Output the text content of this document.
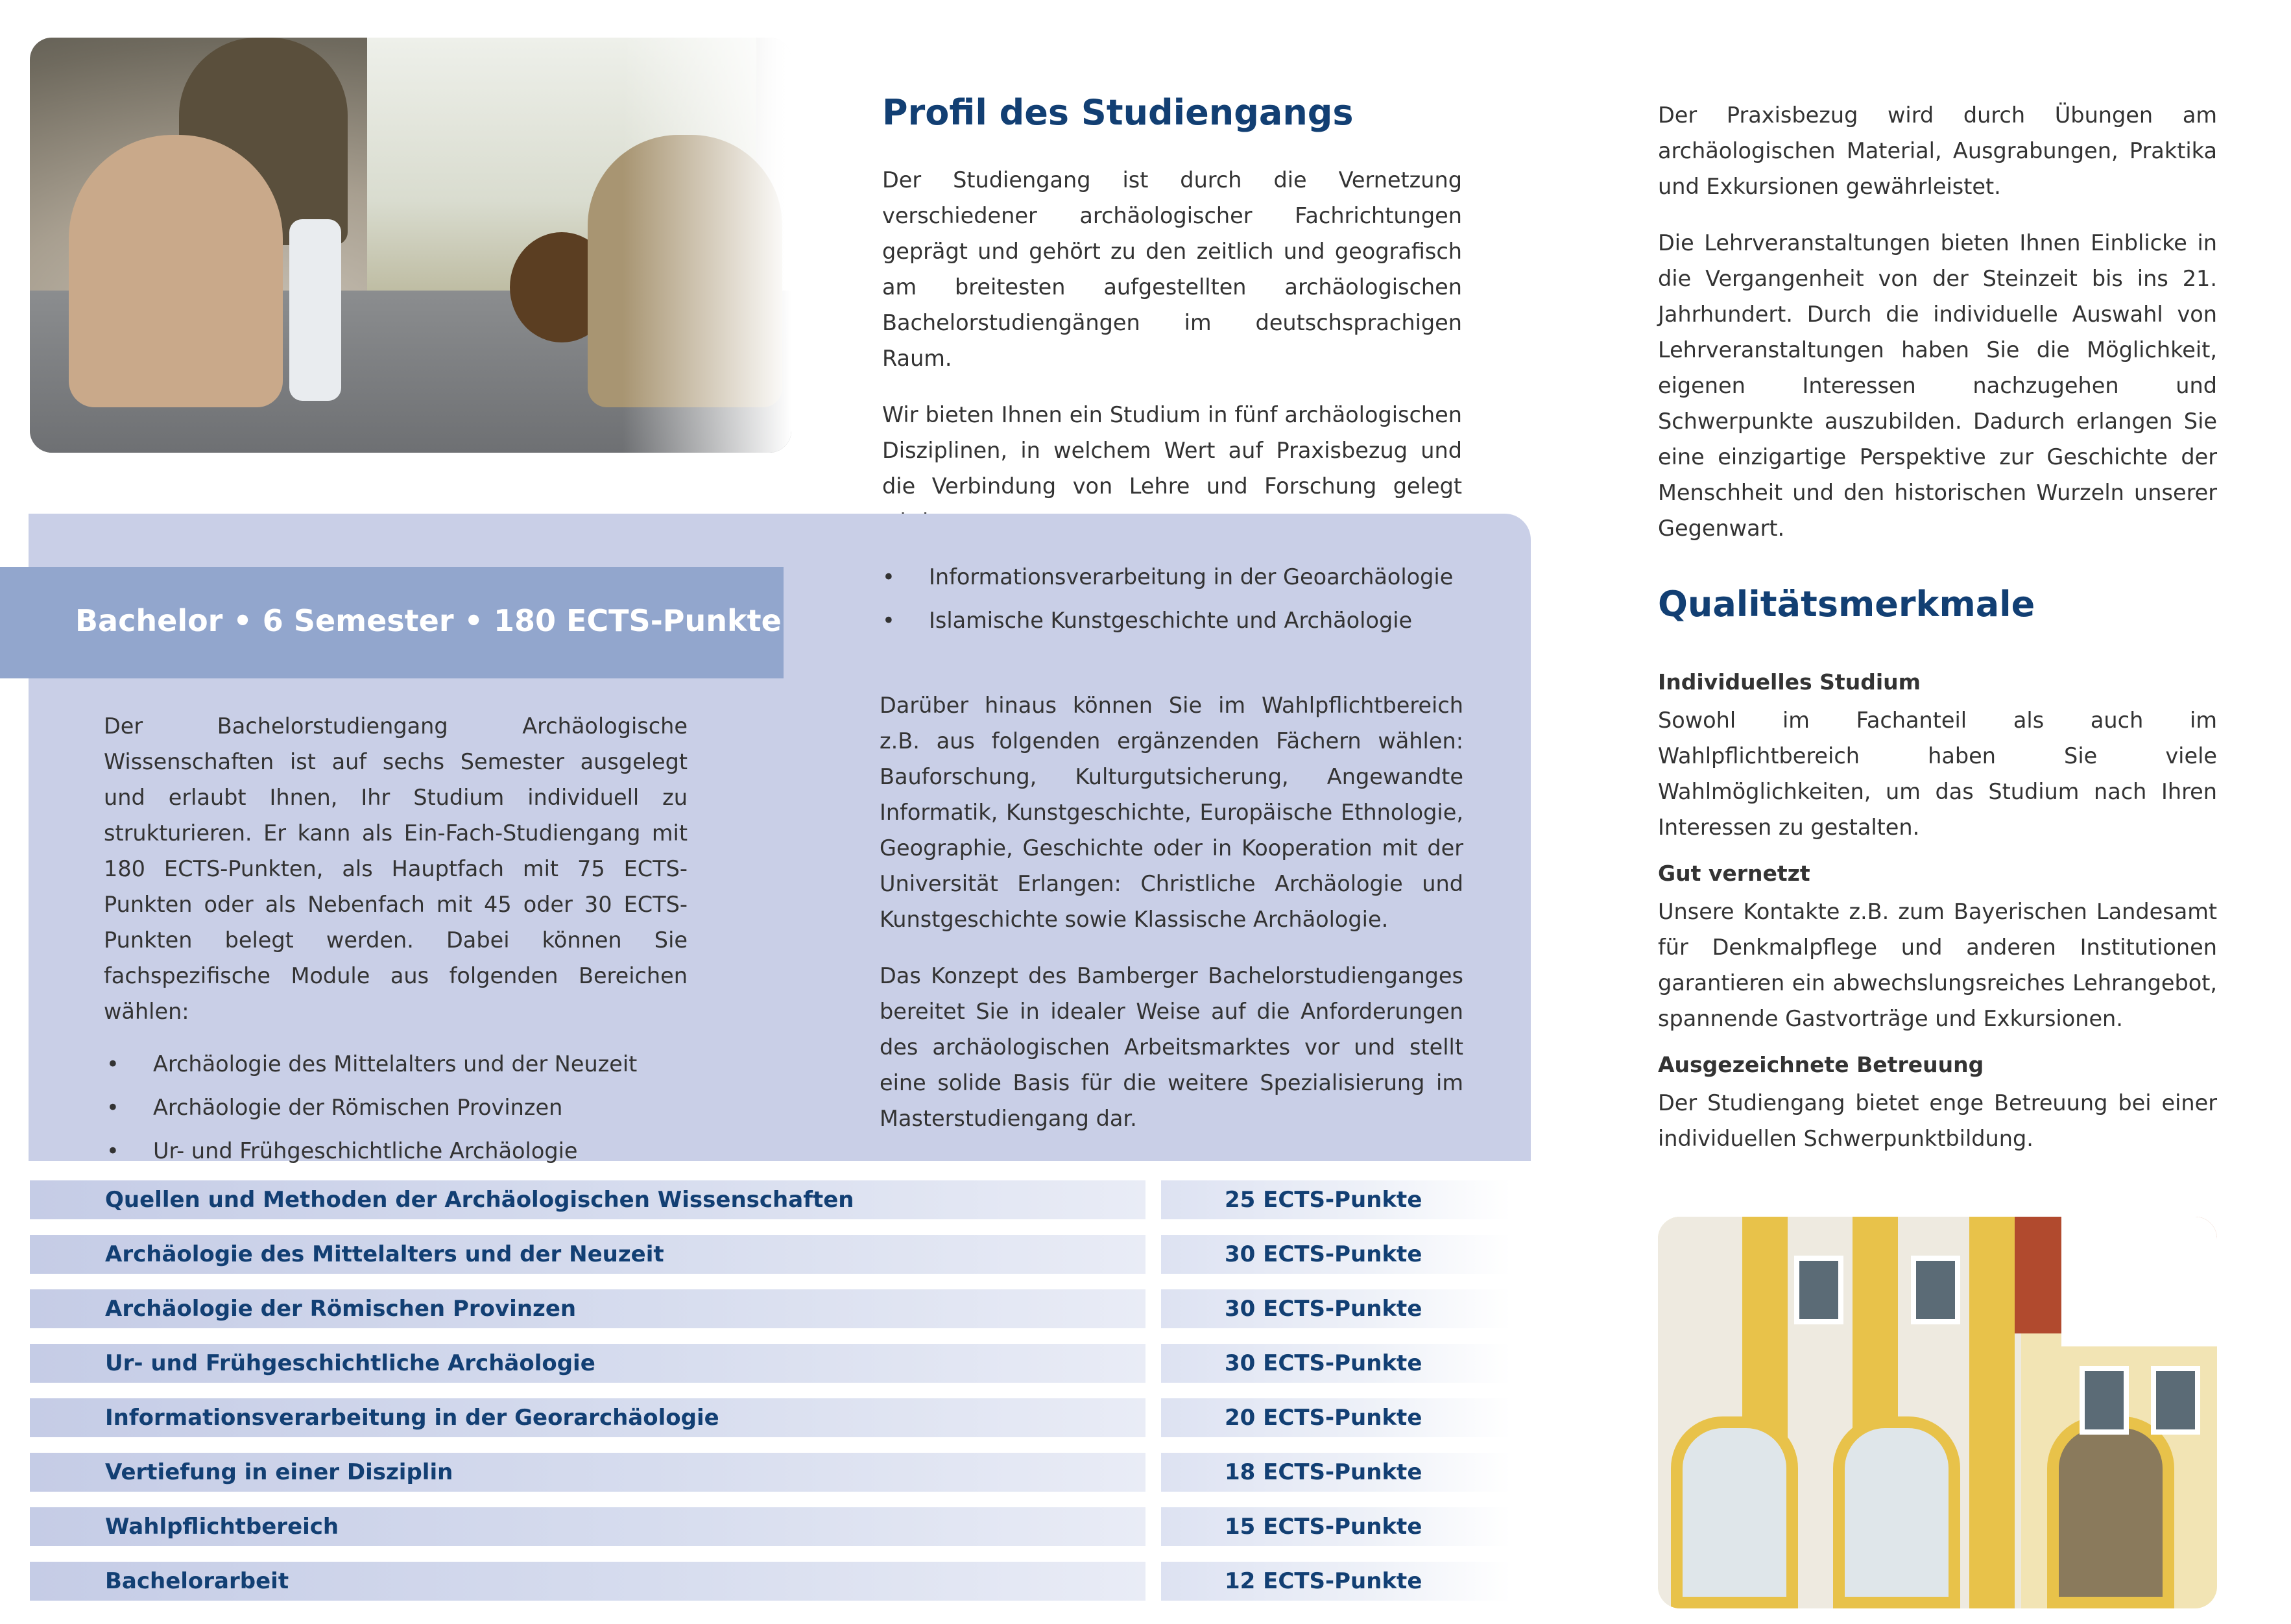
Profil des Studiengangs

Der Studiengang ist durch die Vernetzung verschiedener archäologischer Fachrichtungen geprägt und gehört zu den zeitlich und geografisch am breitesten aufgestellten archäologischen Bachelorstudiengängen im deutschsprachigen Raum.

Wir bieten Ihnen ein Studium in fünf archäologischen Disziplinen, in welchem Wert auf Praxisbezug und die Verbindung von Lehre und Forschung gelegt

Der Praxisbezug wird durch Übungen am archäologischen Material, Ausgrabungen, Praktika und Exkursionen gewährleistet.

Die Lehrveranstaltungen bieten Ihnen Einblicke in die Vergangenheit von der Steinzeit bis ins 21. Jahrhundert. Durch die individuelle Auswahl von Lehrveranstaltungen haben Sie die Möglichkeit, eigenen Interessen nachzugehen und Schwerpunkte auszubilden. Dadurch erlangen Sie eine einzigartige Perspektive zur Geschichte der Menschheit und den historischen Wurzeln unserer Gegenwart.

Qualitätsmerkmale

Individuelles Studium

Sowohl im Fachanteil als auch im Wahlpflichtbereich haben Sie viele Wahlmöglichkeiten, um das Studium nach Ihren Interessen zu gestalten.

Gut vernetzt

Unsere Kontakte z.B. zum Bayerischen Landesamt für Denkmalpflege und anderen Institutionen garantieren ein abwechslungsreiches Lehrangebot, spannende Gastvorträge und Exkursionen.

Ausgezeichnete Betreuung

Der Studiengang bietet enge Betreuung bei einer individuellen Schwerpunktbildung.

Bachelor • 6 Semester • 180 ECTS-Punkte

Der Bachelorstudiengang Archäologische Wissenschaften ist auf sechs Semester ausgelegt und erlaubt Ihnen, Ihr Studium individuell zu strukturieren. Er kann als Ein-Fach-Studiengang mit 180 ECTS-Punkten, als Hauptfach mit 75 ECTS-Punkten oder als Nebenfach mit 45 oder 30 ECTS-Punkten belegt werden. Dabei können Sie fachspezifische Module aus folgenden Bereichen wählen:

• Archäologie des Mittelalters und der Neuzeit
• Archäologie der Römischen Provinzen
• Ur- und Frühgeschichtliche Archäologie
• Informationsverarbeitung in der Geoarchäologie
• Islamische Kunstgeschichte und Archäologie

Darüber hinaus können Sie im Wahlpflichtbereich z.B. aus folgenden ergänzenden Fächern wählen: Bauforschung, Kulturgutsicherung, Angewandte Informatik, Kunstgeschichte, Europäische Ethnologie, Geographie, Geschichte oder in Kooperation mit der Universität Erlangen: Christliche Archäologie und Kunstgeschichte sowie Klassische Archäologie.

Das Konzept des Bamberger Bachelorstudienganges bereitet Sie in idealer Weise auf die Anforderungen des archäologischen Arbeitsmarktes vor und stellt eine solide Basis für die weitere Spezialisierung im Masterstudiengang dar.

Quellen und Methoden der Archäologischen Wissenschaften	25 ECTS-Punkte
Archäologie des Mittelalters und der Neuzeit	30 ECTS-Punkte
Archäologie der Römischen Provinzen	30 ECTS-Punkte
Ur- und Frühgeschichtliche Archäologie	30 ECTS-Punkte
Informationsverarbeitung in der Georarchäologie	20 ECTS-Punkte
Vertiefung in einer Disziplin	18 ECTS-Punkte
Wahlpflichtbereich	15 ECTS-Punkte
Bachelorarbeit	12 ECTS-Punkte
